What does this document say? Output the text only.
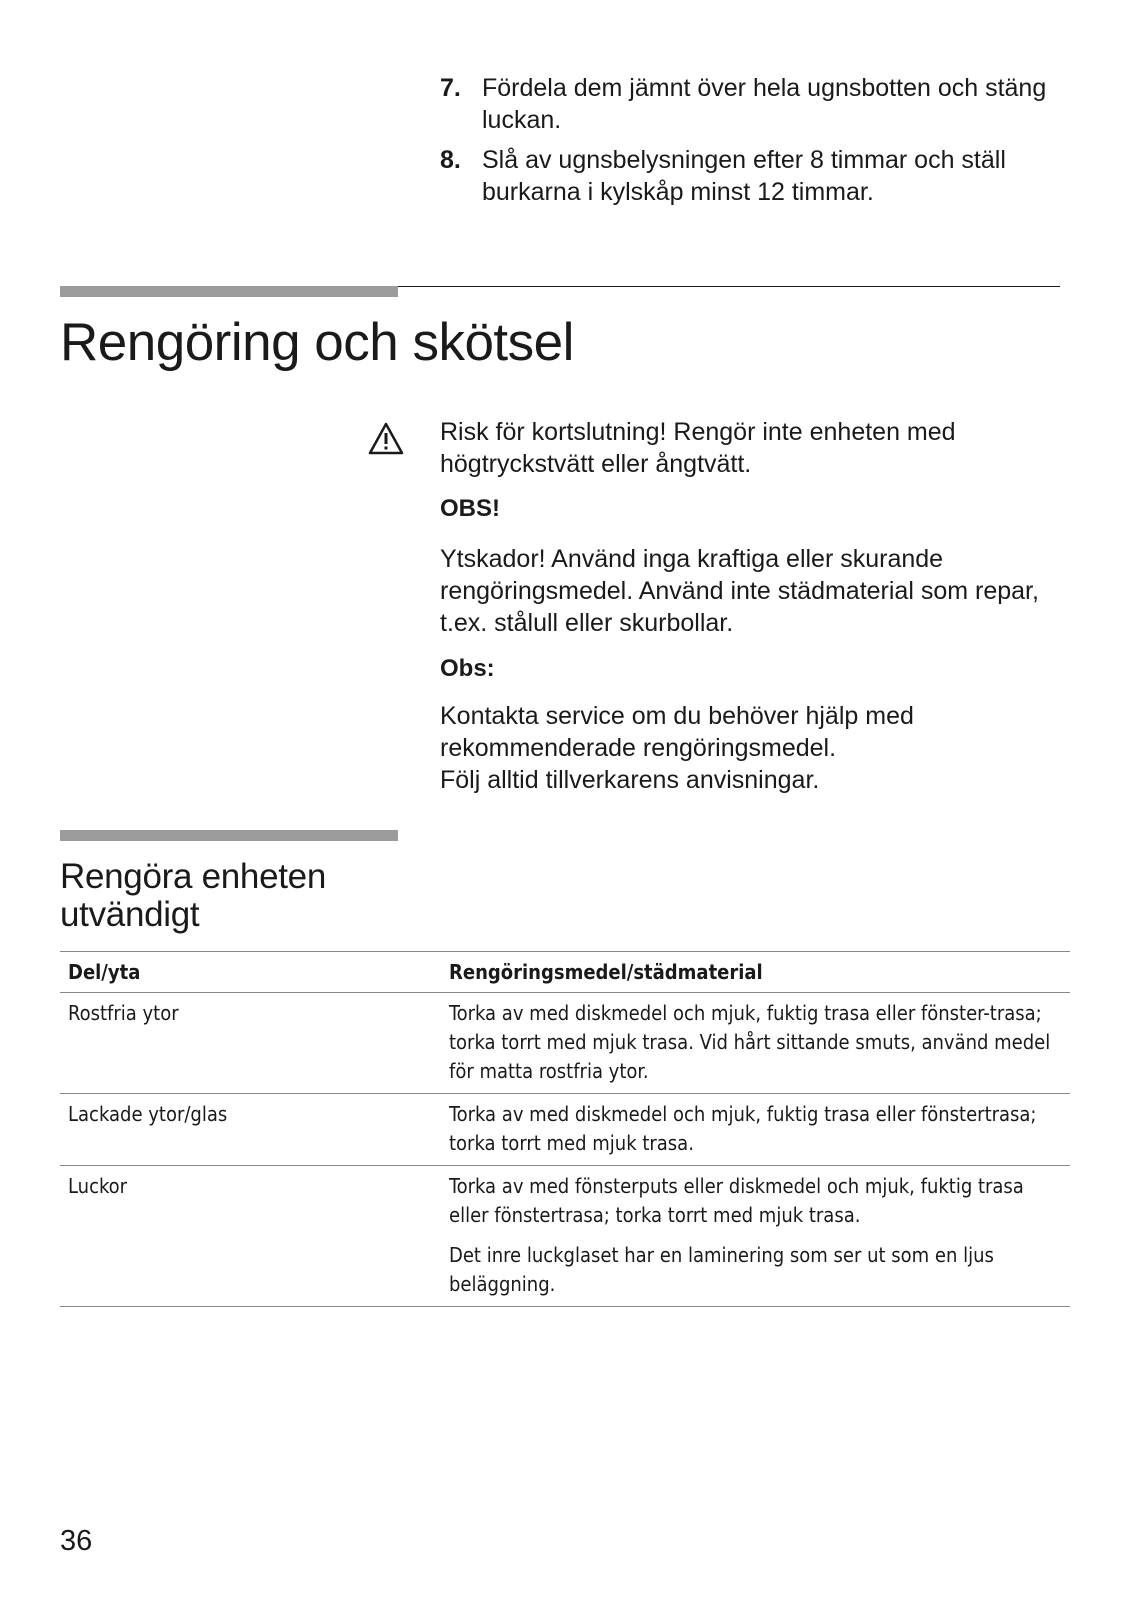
7. Fördela dem jämnt över hela ugnsbotten och stäng luckan.
8. Slå av ugnsbelysningen efter 8 timmar och ställ burkarna i kylskåp minst 12 timmar.
Rengöring och skötsel
Risk för kortslutning! Rengör inte enheten med högtryckstvätt eller ångtvätt.
OBS!
Ytskador! Använd inga kraftiga eller skurande rengöringsmedel. Använd inte städmaterial som repar, t.ex. stålull eller skurbollar.
Obs:
Kontakta service om du behöver hjälp med rekommenderade rengöringsmedel.
Följ alltid tillverkarens anvisningar.
Rengöra enheten utvändigt
Del/yta	Rengöringsmedel/städmaterial
Rostfria ytor	Torka av med diskmedel och mjuk, fuktig trasa eller fönster-trasa; torka torrt med mjuk trasa. Vid hårt sittande smuts, använd medel för matta rostfria ytor.

Lackade ytor/glas	Torka av med diskmedel och mjuk, fuktig trasa eller fönstertrasa; torka torrt med mjuk trasa.

Luckor	Torka av med fönsterputs eller diskmedel och mjuk, fuktig trasa eller fönstertrasa; torka torrt med mjuk trasa.
Det inre luckglaset har en laminering som ser ut som en ljus beläggning.
36
